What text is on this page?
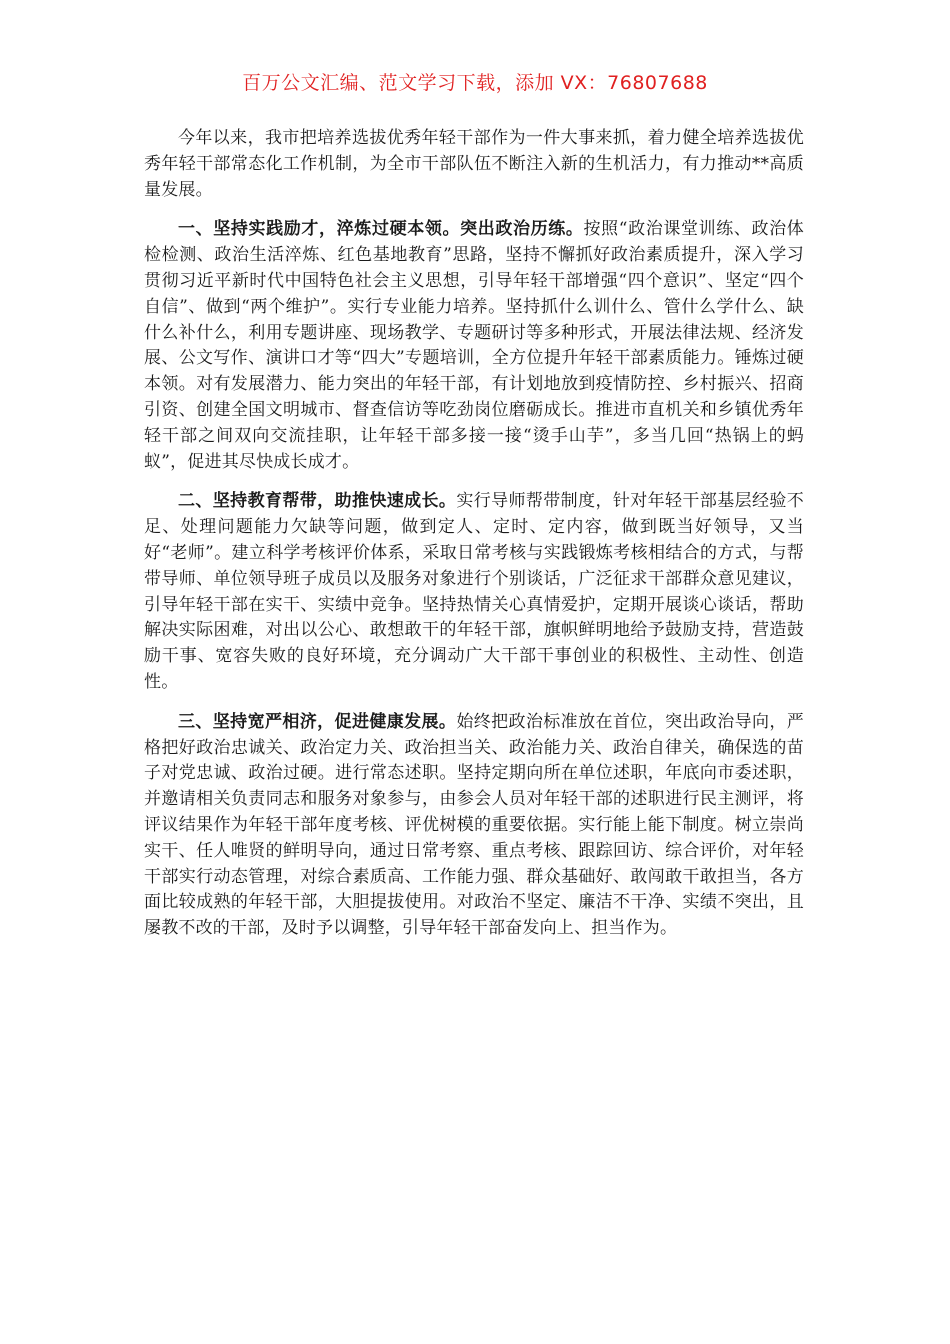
百万公文汇编、范文学习下载，添加 VX：76807688

今年以来，我市把培养选拔优秀年轻干部作为一件大事来抓，着力健全培养选拔优秀年轻干部常态化工作机制，为全市干部队伍不断注入新的生机活力，有力推动**高质量发展。

一、坚持实践励才，淬炼过硬本领。突出政治历练。按照“政治课堂训练、政治体检检测、政治生活淬炼、红色基地教育”思路，坚持不懈抓好政治素质提升，深入学习贯彻习近平新时代中国特色社会主义思想，引导年轻干部增强“四个意识”、坚定“四个自信”、做到“两个维护”。实行专业能力培养。坚持抓什么训什么、管什么学什么、缺什么补什么，利用专题讲座、现场教学、专题研讨等多种形式，开展法律法规、经济发展、公文写作、演讲口才等“四大”专题培训，全方位提升年轻干部素质能力。锤炼过硬本领。对有发展潜力、能力突出的年轻干部，有计划地放到疫情防控、乡村振兴、招商引资、创建全国文明城市、督查信访等吃劲岗位磨砺成长。推进市直机关和乡镇优秀年轻干部之间双向交流挂职，让年轻干部多接一接“烫手山芋”，多当几回“热锅上的蚂蚁”，促进其尽快成长成才。

二、坚持教育帮带，助推快速成长。实行导师帮带制度，针对年轻干部基层经验不足、处理问题能力欠缺等问题，做到定人、定时、定内容，做到既当好领导，又当好“老师”。建立科学考核评价体系，采取日常考核与实践锻炼考核相结合的方式，与帮带导师、单位领导班子成员以及服务对象进行个别谈话，广泛征求干部群众意见建议，引导年轻干部在实干、实绩中竞争。坚持热情关心真情爱护，定期开展谈心谈话，帮助解决实际困难，对出以公心、敢想敢干的年轻干部，旗帜鲜明地给予鼓励支持，营造鼓励干事、宽容失败的良好环境，充分调动广大干部干事创业的积极性、主动性、创造性。

三、坚持宽严相济，促进健康发展。始终把政治标准放在首位，突出政治导向，严格把好政治忠诚关、政治定力关、政治担当关、政治能力关、政治自律关，确保选的苗子对党忠诚、政治过硬。进行常态述职。坚持定期向所在单位述职，年底向市委述职，并邀请相关负责同志和服务对象参与，由参会人员对年轻干部的述职进行民主测评，将评议结果作为年轻干部年度考核、评优树模的重要依据。实行能上能下制度。树立崇尚实干、任人唯贤的鲜明导向，通过日常考察、重点考核、跟踪回访、综合评价，对年轻干部实行动态管理，对综合素质高、工作能力强、群众基础好、敢闯敢干敢担当，各方面比较成熟的年轻干部，大胆提拔使用。对政治不坚定、廉洁不干净、实绩不突出，且屡教不改的干部，及时予以调整，引导年轻干部奋发向上、担当作为。
